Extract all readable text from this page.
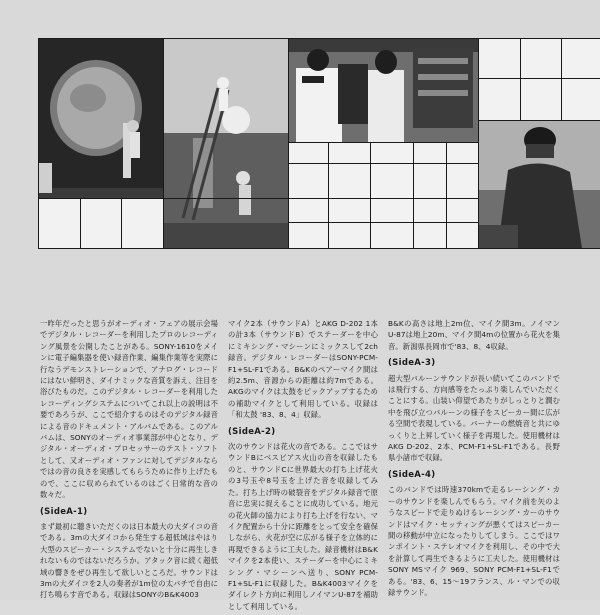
一昨年だったと思うがオーディオ・フェアの展示会場でデジタル・レコーダーを利用したプロのレコーディング風景を公開したことがある。SONY-1610をメインに電子編集器を使い録音作業、編集作業等を実際に行なうデモンストレーションで、アナログ・レコードにはない鮮明さ、ダイナミックな音質を訴え、注目を浴びたものだ。このデジタル・レコーダーを利用したレコーディングシステムについてこれ以上の説明は不要であろうが、ここで紹介するのはそのデジタル録音による音のドキュメント・アルバムである。このアルバムは、SONYのオーディオ事業部が中心となり、デジタル・オーディオ・プロセッサーのテスト・ソフトとして、又オーディオ・ファンに対してデジタルならではの音の良さを実感してもらうために作り上げたもので、ここに収められているのはごく日常的な音の数々だ。

(SideA-1)

まず最初に聴きいただくのは日本最大の大ダイコの音である。3mの大ダイコから発生する超低域はやはり大型のスピーカー・システムでないと十分に再生しきれないものではないだろうか。アタック音に続く超低域の響きをぜひ再生して欲しいところだ。サウンドは3mの大ダイコを2人の奏者が1m位の太バチで自由に打ち鳴らす音である。収録はSONYのB&K4003

マイク2本（サウンドA）とAKG D-202 1本の計3本（サウンドB）でステーダーを中心にミキシング・マシーンにミックスして2ch録音。デジタル・レコーダーはSONY-PCM-F1+SL-F1である。B&Kのペアーマイク間は約2.5m、音源からの距離は約7mである。AKGのマイクは太鼓をピックアップするための補助マイクとして利用している。収録は「和太鼓 '83、8、4」収録。

(SideA-2)

次のサウンドは花火の音である。ここではサウンドBにベスビアス火山の音を収録したものと、サウンドCに世界最大の打ち上げ花火の3号玉や8号玉を上げた音を収録してみた。打ち上げ時の破裂音をデジタル録音で原音に忠実に捉えることに成功している。地元の花火師の協力により打ち上げを行ない、マイク配置から十分に距離をとって安全を確保しながら、火花が空に広がる様子を立体的に再現できるように工夫した。録音機材はB&Kマイクを2本使い、ステーダーを中心にミキシング・マシーンへ送り、SONY PCM-F1+SL-F1に収録した。B&K4003マイクをダイレクト方向に利用しノイマンU-87を補助として利用している。

B&Kの高さは地上2m位、マイク間3m。ノイマンU-87は地上20m、マイク間4mの位置から花火を集音。新潟県長岡市で'83、8、4収録。

(SideA-3)

超大型バルーンサウンドが長い続いてこのバンドでは飛行する、方向感等をたっぷり楽しんでいただくことにする。山装い仰望であたりがしっとりと潤む中を飛び立つバルーンの様子をスピーカー間に広がる空間で表現している。バーナーの燃焼音と共にゆっくりと上昇していく様子を再現した。使用機材はAKG D-202、2本、PCM-F1+SL-F1である。長野県小諸市で収録。

(SideA-4)

このバンドでは時速370kmで走るレーシング・カーのサウンドを楽しんでもらう。マイク前を矢のようなスピードで走りぬけるレーシング・カーのサウンドはマイク・セッティングが悪くてはスピーカー間の移動が中立になったりしてしまう。ここではワンポイント・ステレオマイクを利用し、その中で大を計算して再生できるように工夫した。使用機材はSONY MSマイク 969、SONY PCM-F1+SL-F1である。'83、6、15〜19フランス、ル・マンでの収録サウンド。
